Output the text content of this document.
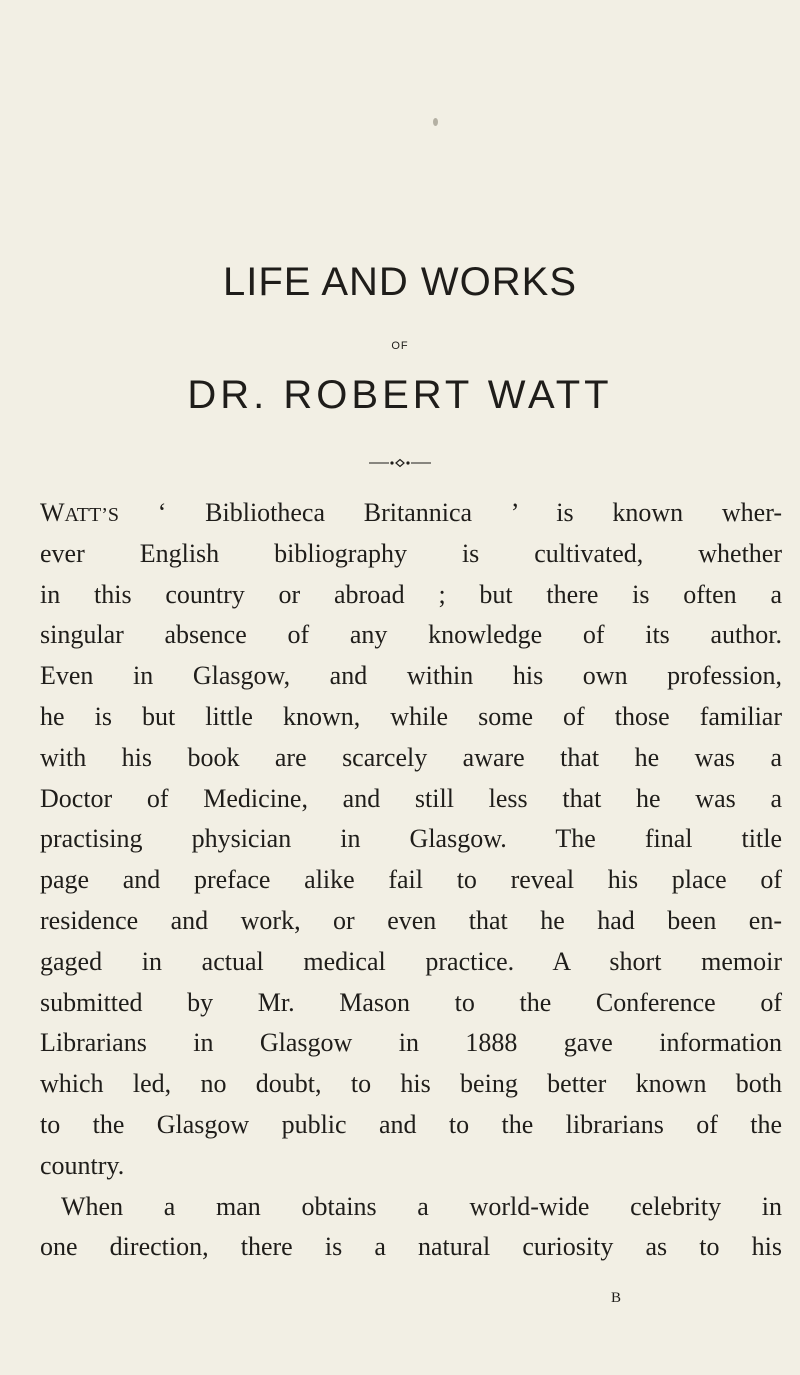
LIFE AND WORKS
OF
DR. ROBERT WATT
WATT’S ‘ Bibliotheca Britannica ’ is known wher-
ever English bibliography is cultivated, whether
in this country or abroad ; but there is often a
singular absence of any knowledge of its author.
Even in Glasgow, and within his own profession,
he is but little known, while some of those familiar
with his book are scarcely aware that he was a
Doctor of Medicine, and still less that he was a
practising physician in Glasgow. The final title
page and preface alike fail to reveal his place of
residence and work, or even that he had been en-
gaged in actual medical practice. A short memoir
submitted by Mr. Mason to the Conference of
Librarians in Glasgow in 1888 gave information
which led, no doubt, to his being better known both
to the Glasgow public and to the librarians of the
country.
When a man obtains a world-wide celebrity in
one direction, there is a natural curiosity as to his
B
